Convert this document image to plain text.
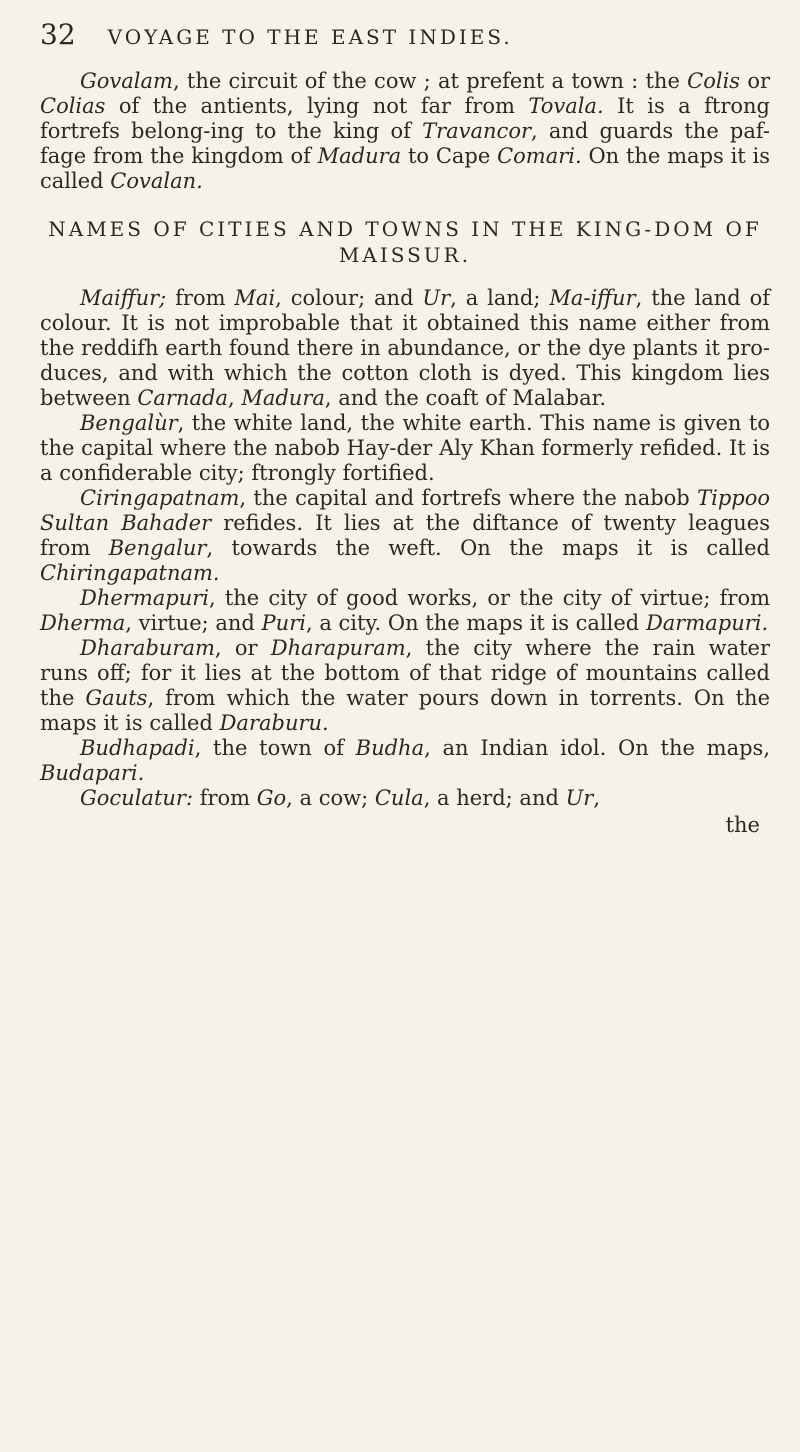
32 VOYAGE TO THE EAST INDIES.

Govalam, the circuit of the cow ; at prefent a town : the Colis or Colias of the antients, lying not far from Tovala. It is a ftrong fortrefs belong-ing to the king of Travancor, and guards the paf-fage from the kingdom of Madura to Cape Comari. On the maps it is called Covalan.

NAMES OF CITIES AND TOWNS IN THE KING-DOM OF MAISSUR.

Maiffur; from Mai, colour; and Ur, a land; Ma-iffur, the land of colour. It is not improbable that it obtained this name either from the reddifh earth found there in abundance, or the dye plants it pro-duces, and with which the cotton cloth is dyed. This kingdom lies between Carnada, Madura, and the coaft of Malabar.

Bengalùr, the white land, the white earth. This name is given to the capital where the nabob Hay-der Aly Khan formerly refided. It is a confiderable city; ftrongly fortified.

Ciringapatnam, the capital and fortrefs where the nabob Tippoo Sultan Bahader refides. It lies at the diftance of twenty leagues from Bengalur, towards the weft. On the maps it is called Chiringapatnam.

Dhermapuri, the city of good works, or the city of virtue; from Dherma, virtue; and Puri, a city. On the maps it is called Darmapuri.

Dharaburam, or Dharapuram, the city where the rain water runs off; for it lies at the bottom of that ridge of mountains called the Gauts, from which the water pours down in torrents. On the maps it is called Daraburu.

Budhapadi, the town of Budha, an Indian idol. On the maps, Budapari.

Goculatur: from Go, a cow; Cula, a herd; and Ur,

the
